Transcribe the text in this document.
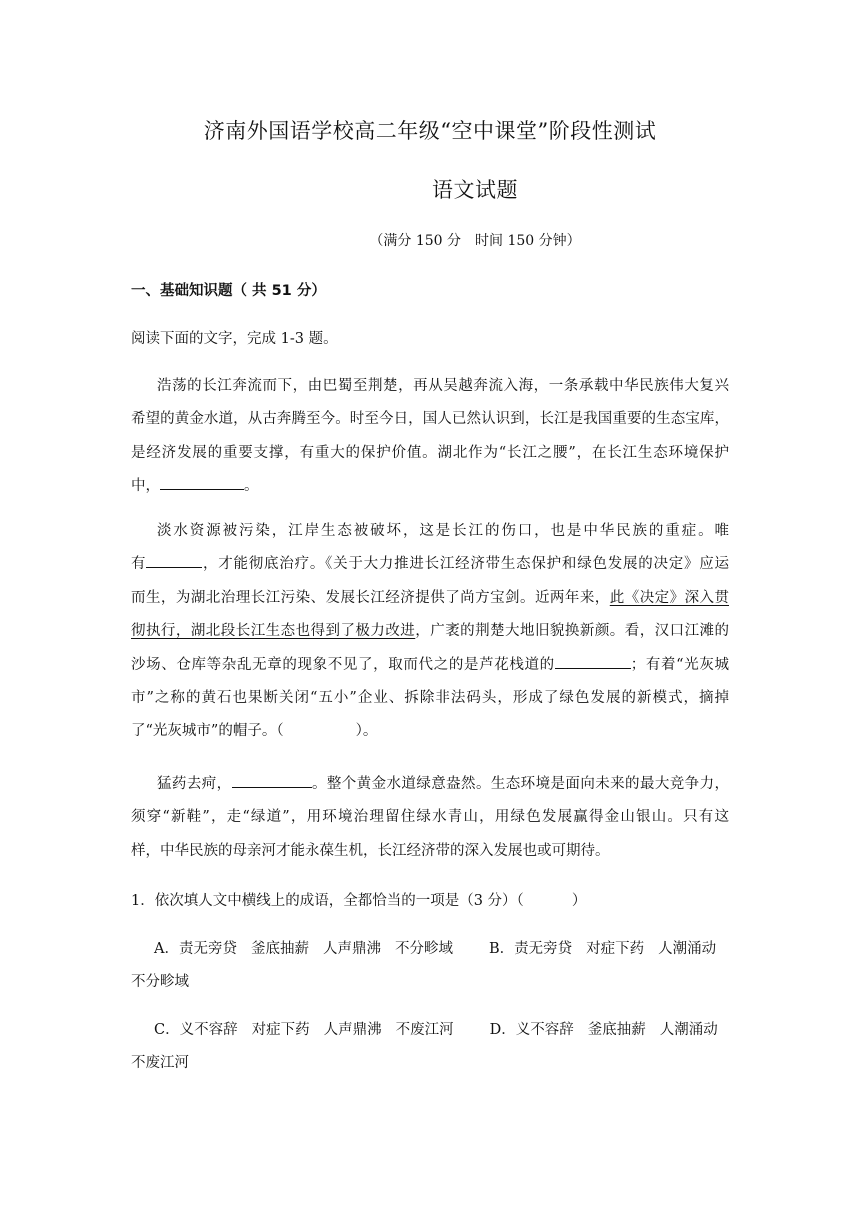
济南外国语学校高二年级“空中课堂”阶段性测试
语文试题
（满分 150 分　时间 150 分钟）
一、基础知识题（ 共 51 分）
阅读下面的文字，完成 1-3 题。
浩荡的长江奔流而下，由巴蜀至荆楚，再从吴越奔流入海，一条承载中华民族伟大复兴
希望的黄金水道，从古奔腾至今。时至今日，国人已然认识到，长江是我国重要的生态宝库，
是经济发展的重要支撑，有重大的保护价值。湖北作为“长江之腰”，在长江生态环境保护
中，	。
淡水资源被污染，江岸生态被破坏，这是长江的伤口，也是中华民族的重症。唯
有	，才能彻底治疗。《关于大力推进长江经济带生态保护和绿色发展的决定》应运
而生，为湖北治理长江污染、发展长江经济提供了尚方宝剑。近两年来，此《决定》深入贯
彻执行，湖北段长江生态也得到了极力改进，广袤的荆楚大地旧貌换新颜。看，汉口江滩的
沙场、仓库等杂乱无章的现象不见了，取而代之的是芦花栈道的	；有着“光灰城
市”之称的黄石也果断关闭“五小”企业、拆除非法码头，形成了绿色发展的新模式，摘掉
了“光灰城市”的帽子。（	）。
猛药去疴，	。整个黄金水道绿意盎然。生态环境是面向未来的最大竞争力，
须穿“新鞋”，走“绿道”，用环境治理留住绿水青山，用绿色发展赢得金山银山。只有这
样，中华民族的母亲河才能永葆生机，长江经济带的深入发展也或可期待。
1．依次填人文中横线上的成语，全都恰当的一项是（3 分）（	）
A．责无旁贷 釜底抽薪 人声鼎沸 不分畛域 B．责无旁贷 对症下药 人潮涌动
不分畛域
C．义不容辞 对症下药 人声鼎沸 不废江河 D．义不容辞 釜底抽薪 人潮涌动
不废江河
